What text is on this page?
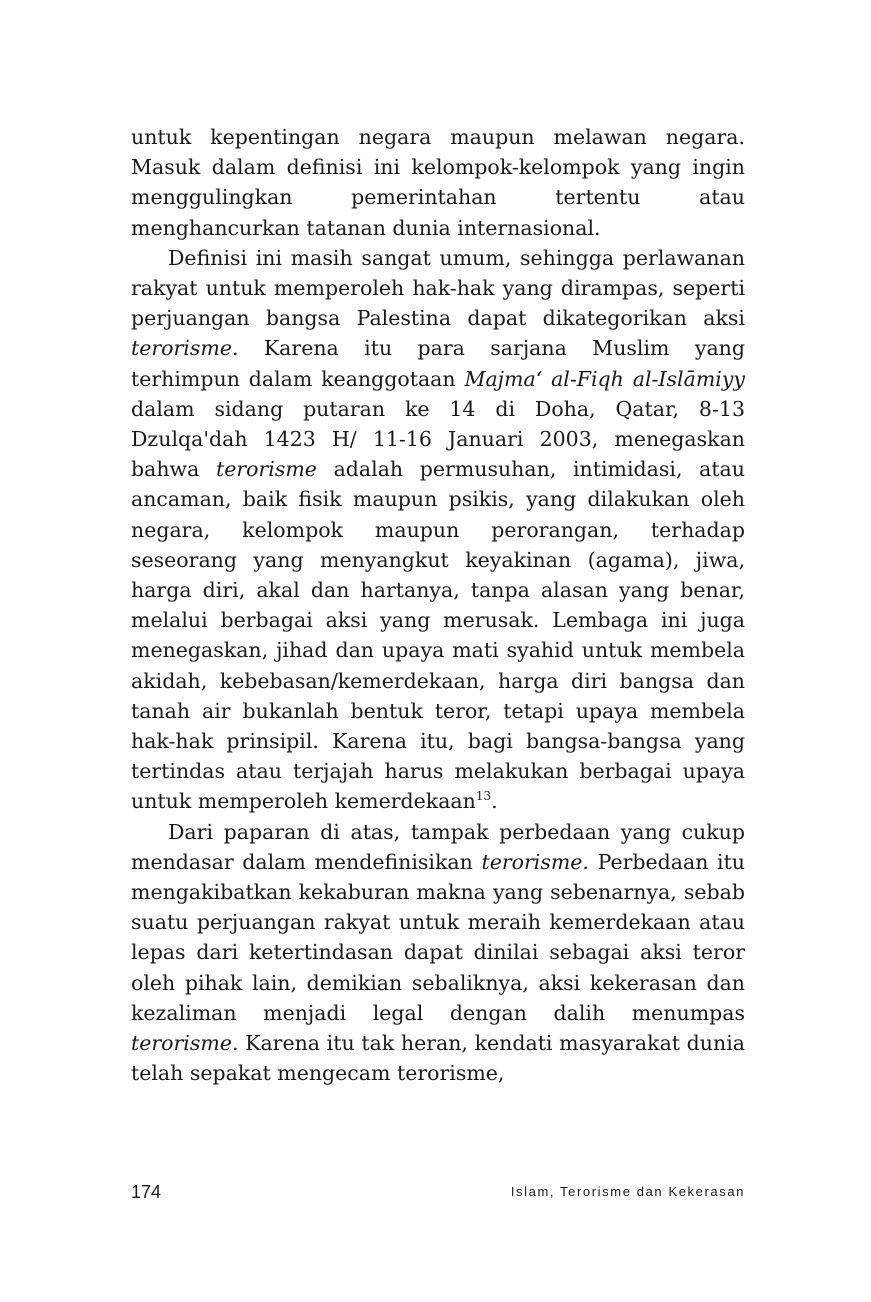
untuk kepentingan negara maupun melawan negara. Masuk dalam definisi ini kelompok-kelompok yang ingin menggulingkan pemerintahan tertentu atau menghancurkan tatanan dunia internasional.

Definisi ini masih sangat umum, sehingga perlawanan rakyat untuk memperoleh hak-hak yang dirampas, seperti perjuangan bangsa Palestina dapat dikategorikan aksi terorisme. Karena itu para sarjana Muslim yang terhimpun dalam keanggotaan Majma‘ al-Fiqh al-Islāmiyy dalam sidang putaran ke 14 di Doha, Qatar, 8-13 Dzulqa'dah 1423 H/ 11-16 Januari 2003, menegaskan bahwa terorisme adalah permusuhan, intimidasi, atau ancaman, baik fisik maupun psikis, yang dilakukan oleh negara, kelompok maupun perorangan, terhadap seseorang yang menyangkut keyakinan (agama), jiwa, harga diri, akal dan hartanya, tanpa alasan yang benar, melalui berbagai aksi yang merusak. Lembaga ini juga menegaskan, jihad dan upaya mati syahid untuk membela akidah, kebebasan/kemerdekaan, harga diri bangsa dan tanah air bukanlah bentuk teror, tetapi upaya membela hak-hak prinsipil. Karena itu, bagi bangsa-bangsa yang tertindas atau terjajah harus melakukan berbagai upaya untuk memperoleh kemerdekaan$^{13}$.

Dari paparan di atas, tampak perbedaan yang cukup mendasar dalam mendefinisikan terorisme. Perbedaan itu mengakibatkan kekaburan makna yang sebenarnya, sebab suatu perjuangan rakyat untuk meraih kemerdekaan atau lepas dari ketertindasan dapat dinilai sebagai aksi teror oleh pihak lain, demikian sebaliknya, aksi kekerasan dan kezaliman menjadi legal dengan dalih menumpas terorisme. Karena itu tak heran, kendati masyarakat dunia telah sepakat mengecam terorisme,

174	Islam, Terorisme dan Kekerasan
